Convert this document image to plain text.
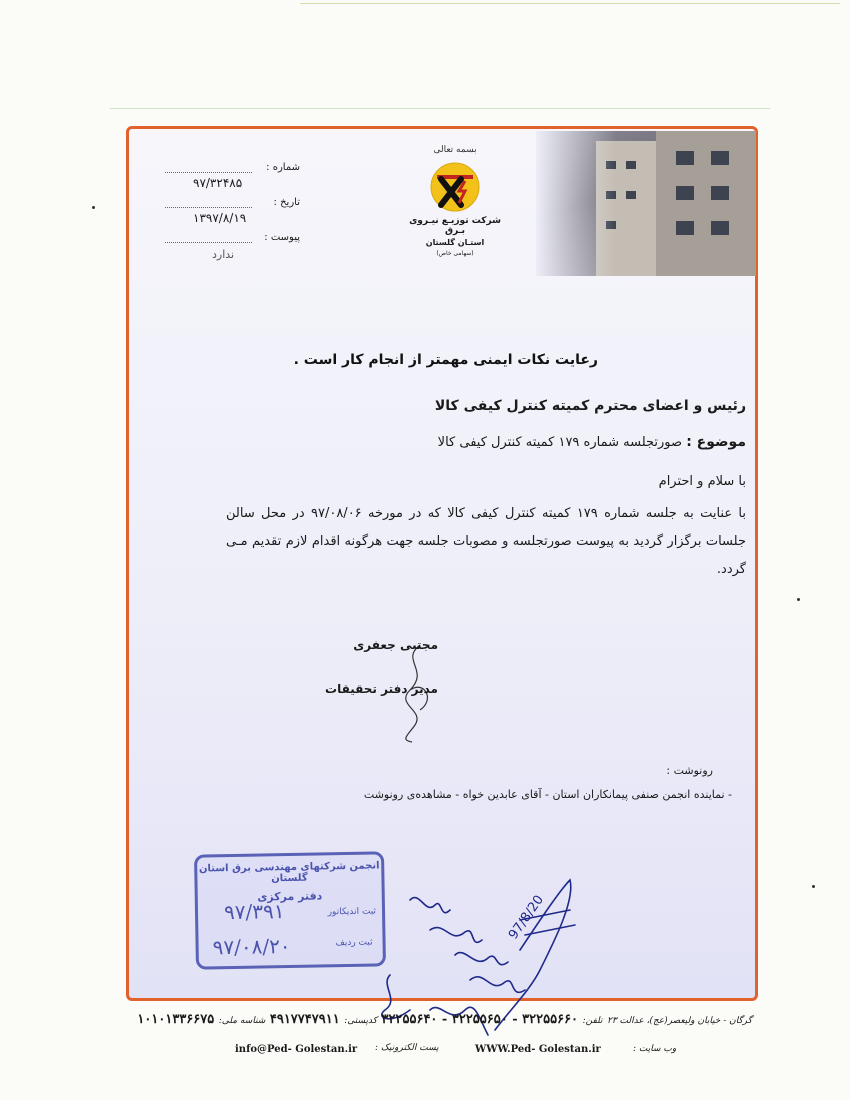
بسمه تعالی
شرکت توزیـع نیـروی بـرق
استـان گلستان
(سهامی خاص)
شماره :
۹۷/۳۲۴۸۵
تاریخ :
۱۳۹۷/۸/۱۹
پیوست :
ندارد
رعایت نکات ایمنی مهمتر از انجام کار است .
رئیس و اعضای محترم کمیته کنترل کیفی کالا
موضوع : صورتجلسه شماره ۱۷۹ کمیته کنترل کیفی کالا
با سلام و احترام
با عنایت به جلسه شماره ۱۷۹ کمیته کنترل کیفی کالا که در مورخه ۹۷/۰۸/۰۶ در محل سالن جلسات برگزار گردید به پیوست صورتجلسه و مصوبات جلسه جهت هرگونه اقدام لازم تقدیم مـی گردد.
مجتبی جعفری
مدیر دفتر تحقیقات
رونوشت :
- نماینده انجمن صنفی پیمانکاران استان - آقای عابدین خواه - مشاهده‌ی رونوشت
انجمن شرکتهای مهندسی برق استان گلستان
دفتر مرکزی
ثبت اندیکاتور
۹۷/۳۹۱
ثبت ردیف
۹۷/۰۸/۲۰
97/8/20
گرگان - خیابان ولیعصر(عج)، عدالت ۲۳ تلفن: ۳۲۲۵۵۶۶۰ - ۳۲۲۵۵۶۵۰ - ۳۲۲۵۵۶۴۰ کدپستی: ۴۹۱۷۷۴۷۹۱۱ شناسه ملی: ۱۰۱۰۱۳۳۶۶۷۵
info@Ped- Golestan.ir پست الکترونیک :	WWW.Ped- Golestan.ir	وب سایت :
